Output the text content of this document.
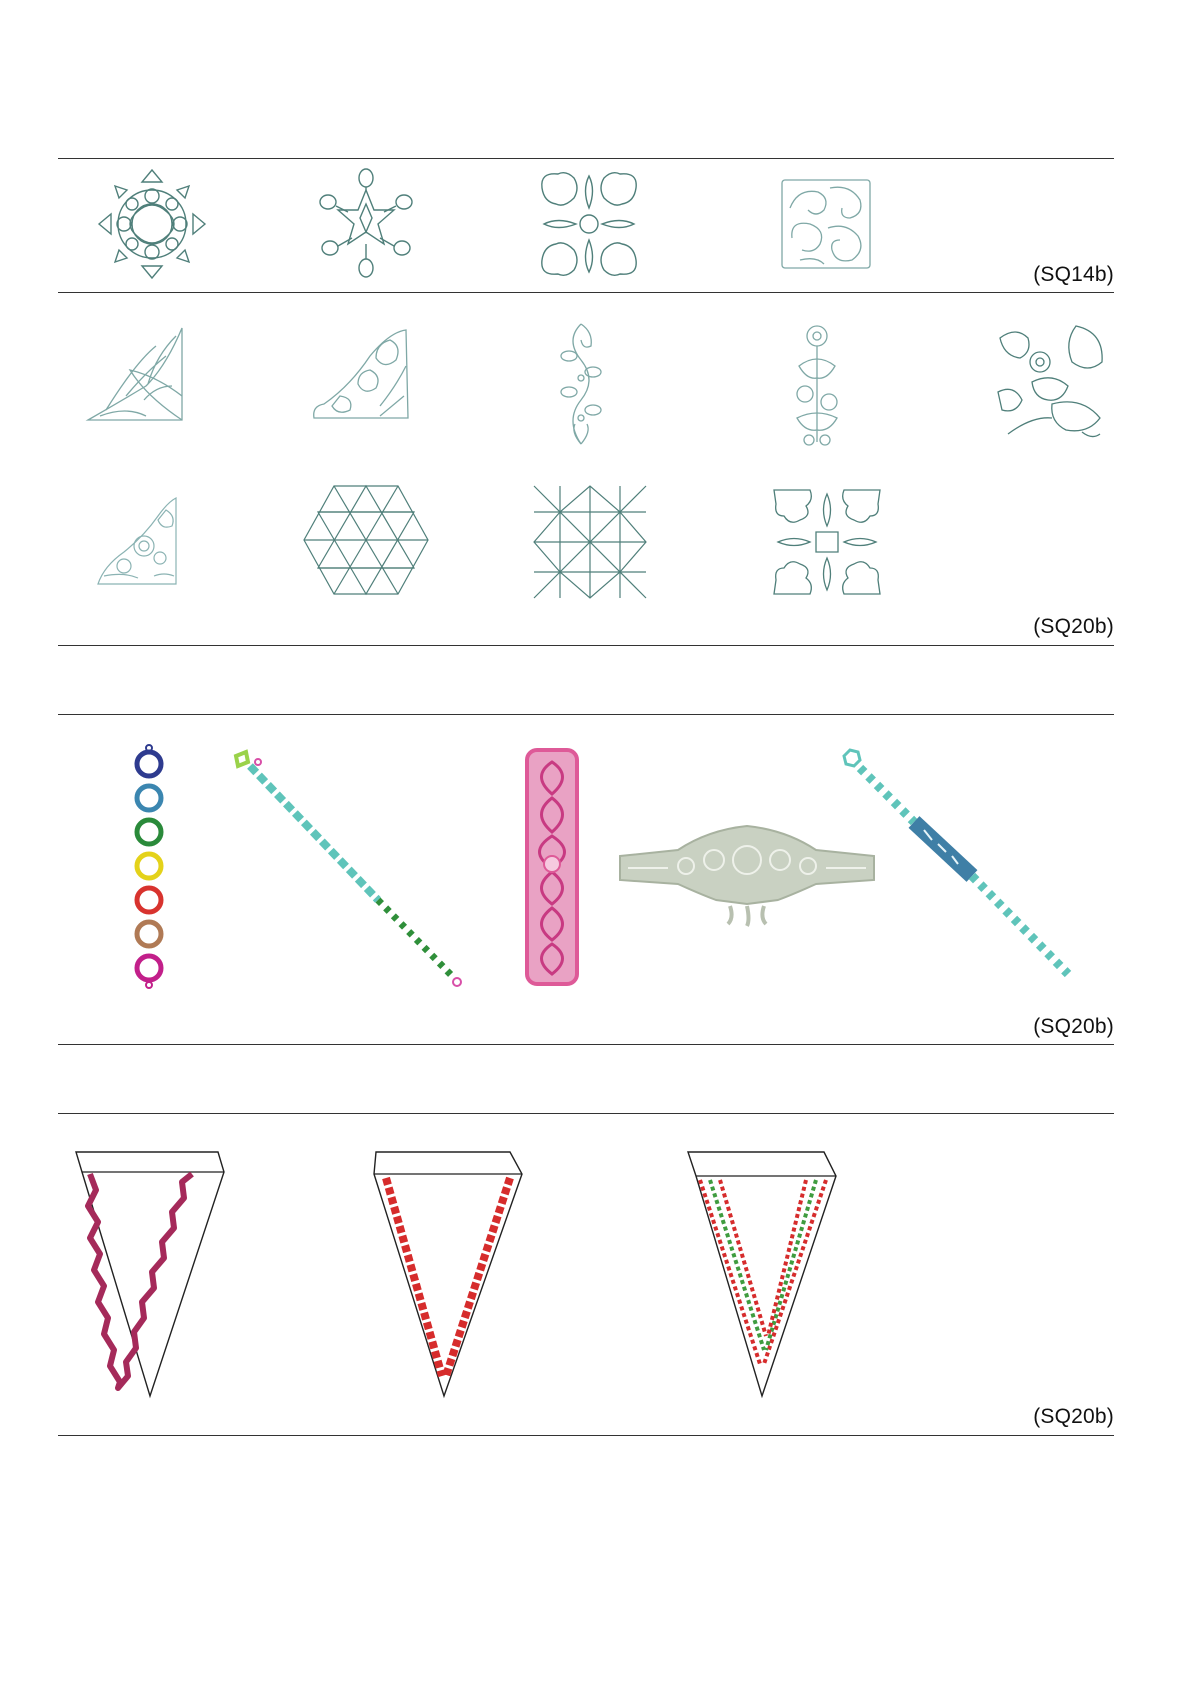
(SQ14b)
(SQ20b)
(SQ20b)
(SQ20b)
